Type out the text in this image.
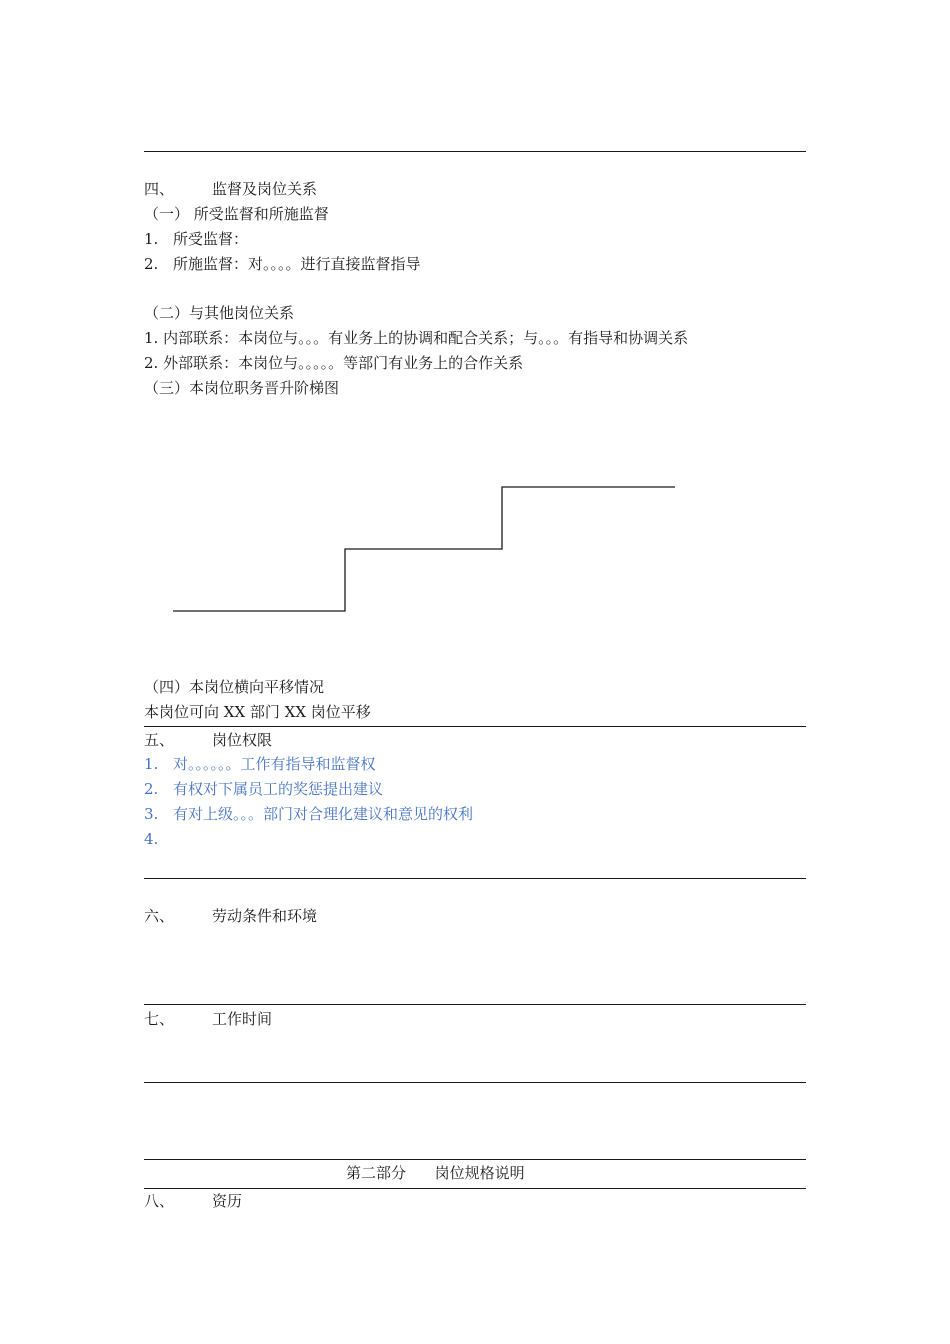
四、	监督及岗位关系
（一） 所受监督和所施监督
1. 所受监督：
2. 所施监督：对。。。。进行直接监督指导
（二）与其他岗位关系
1. 内部联系：本岗位与。。。有业务上的协调和配合关系；与。。。有指导和协调关系
2. 外部联系：本岗位与。。。。。等部门有业务上的合作关系
（三）本岗位职务晋升阶梯图
（四）本岗位横向平移情况
本岗位可向 XX 部门 XX 岗位平移
五、	岗位权限
1. 对。。。。。。工作有指导和监督权
2. 有权对下属员工的奖惩提出建议
3. 有对上级。。。部门对合理化建议和意见的权利
4.
六、	劳动条件和环境
七、	工作时间
第二部分      岗位规格说明
八、	资历
